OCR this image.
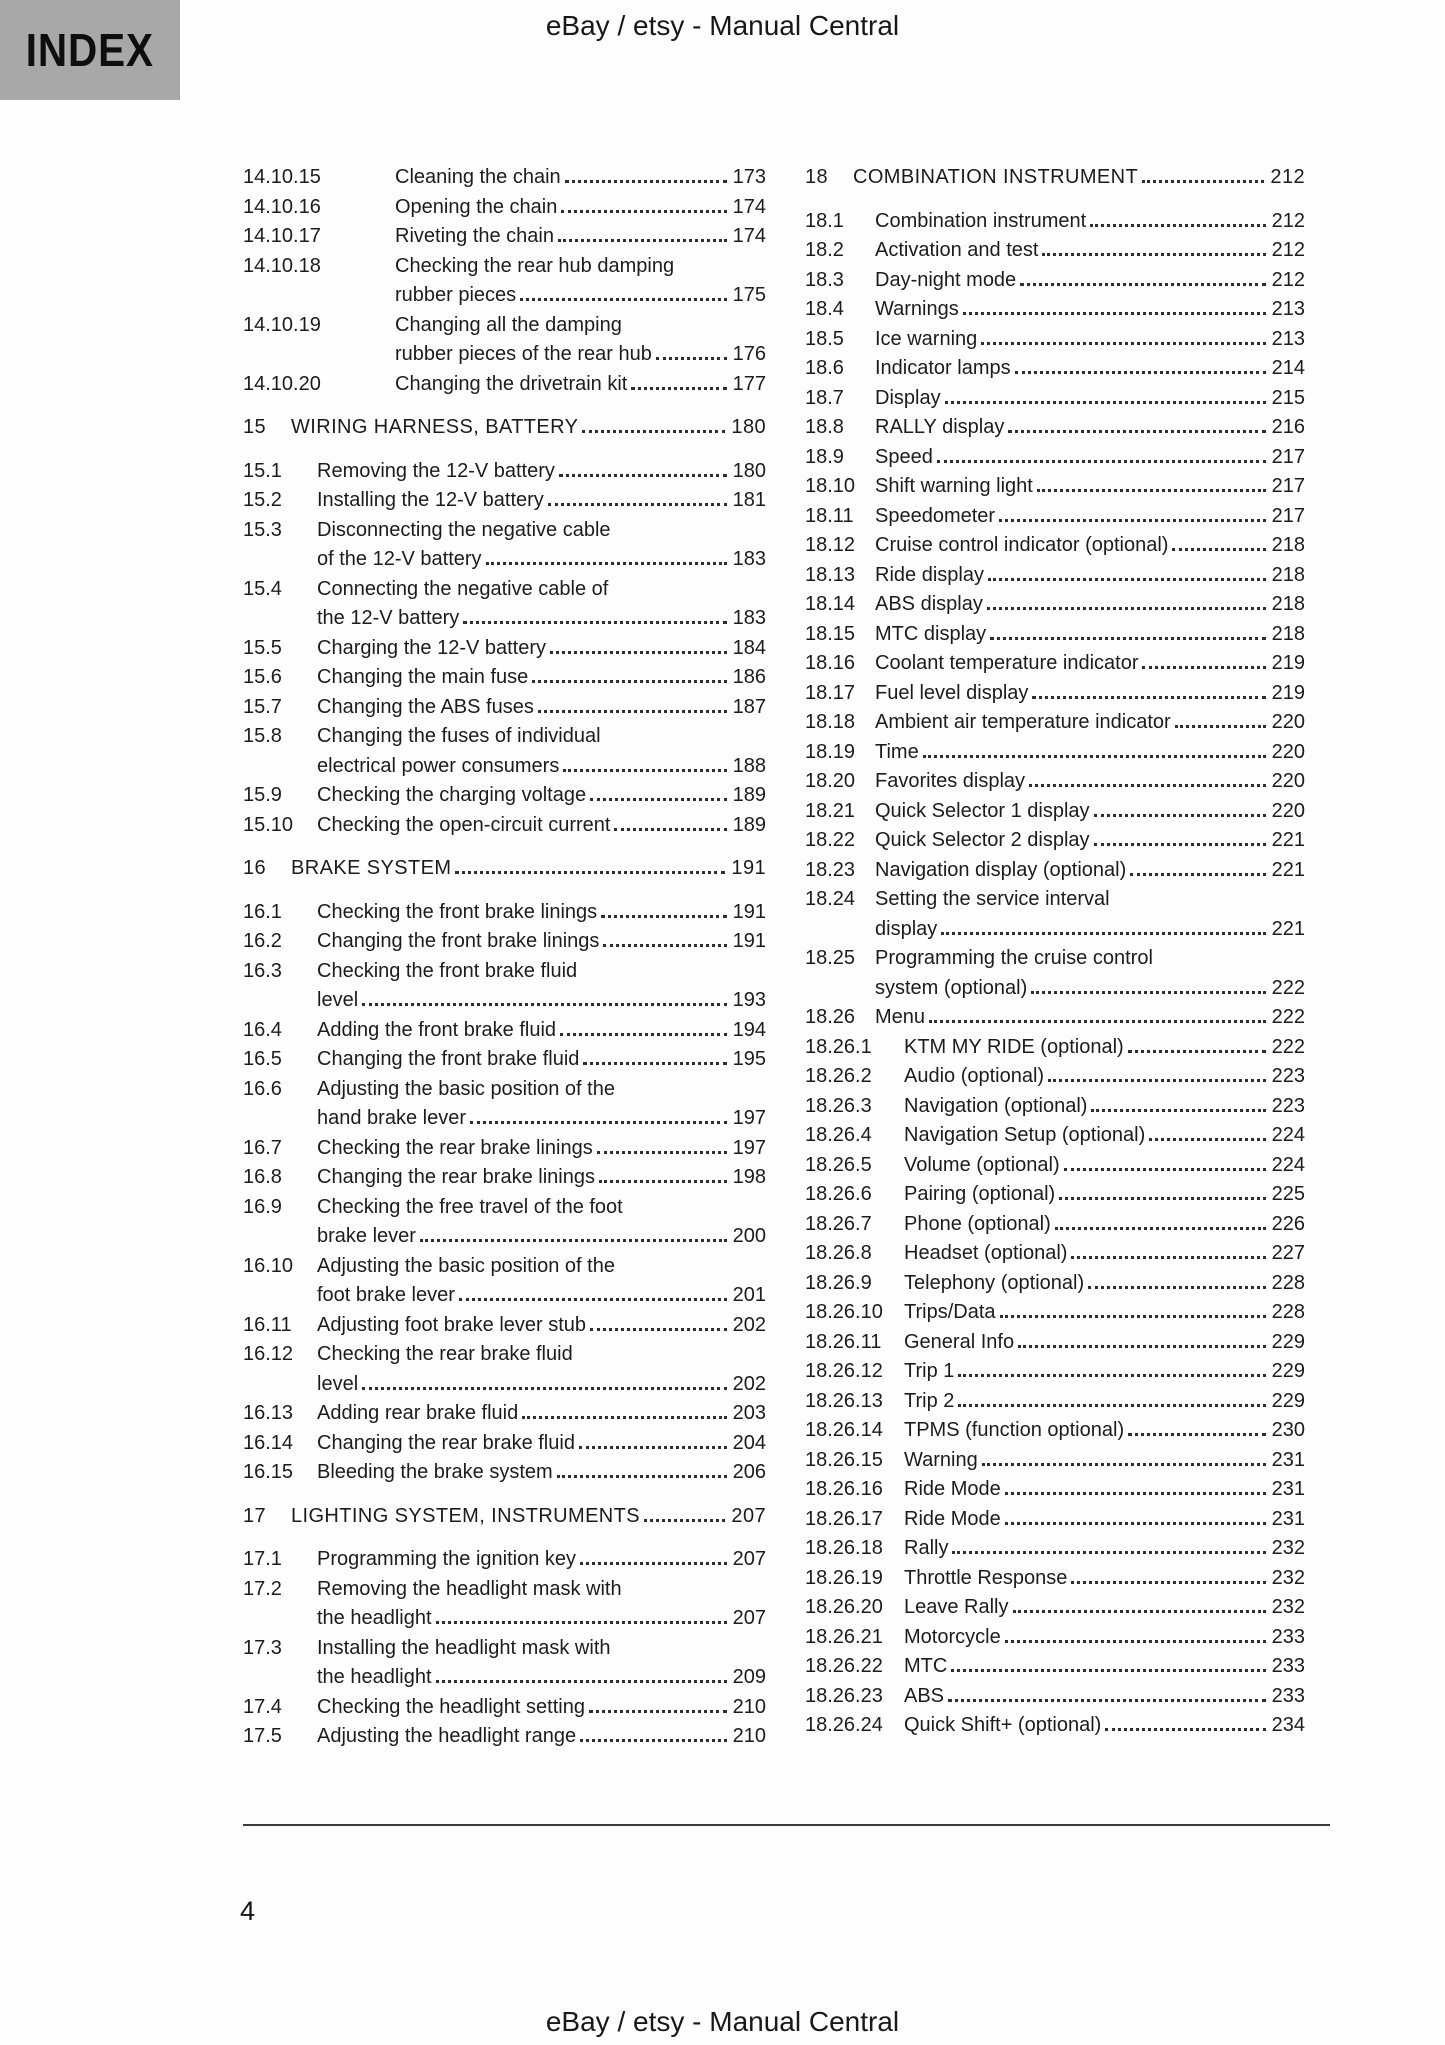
INDEX	eBay / etsy - Manual Central
14.10.15	Cleaning the chain	173
14.10.16	Opening the chain	174
14.10.17	Riveting the chain	174
14.10.18	Checking the rear hub damping
rubber pieces	175
14.10.19	Changing all the damping
rubber pieces of the rear hub	176
14.10.20	Changing the drivetrain kit	177
15	WIRING HARNESS, BATTERY	180
15.1	Removing the 12-V battery	180
15.2	Installing the 12-V battery	181
15.3	Disconnecting the negative cable
of the 12-V battery	183
15.4	Connecting the negative cable of
the 12-V battery	183
15.5	Charging the 12-V battery	184
15.6	Changing the main fuse	186
15.7	Changing the ABS fuses	187
15.8	Changing the fuses of individual
electrical power consumers	188
15.9	Checking the charging voltage	189
15.10	Checking the open-circuit current	189
16	BRAKE SYSTEM	191
16.1	Checking the front brake linings	191
16.2	Changing the front brake linings	191
16.3	Checking the front brake fluid
level	193
16.4	Adding the front brake fluid	194
16.5	Changing the front brake fluid	195
16.6	Adjusting the basic position of the
hand brake lever	197
16.7	Checking the rear brake linings	197
16.8	Changing the rear brake linings	198
16.9	Checking the free travel of the foot
brake lever	200
16.10	Adjusting the basic position of the
foot brake lever	201
16.11	Adjusting foot brake lever stub	202
16.12	Checking the rear brake fluid
level	202
16.13	Adding rear brake fluid	203
16.14	Changing the rear brake fluid	204
16.15	Bleeding the brake system	206
17	LIGHTING SYSTEM, INSTRUMENTS	207
17.1	Programming the ignition key	207
17.2	Removing the headlight mask with
the headlight	207
17.3	Installing the headlight mask with
the headlight	209
17.4	Checking the headlight setting	210
17.5	Adjusting the headlight range	210
18	COMBINATION INSTRUMENT	212
18.1	Combination instrument	212
18.2	Activation and test	212
18.3	Day-night mode	212
18.4	Warnings	213
18.5	Ice warning	213
18.6	Indicator lamps	214
18.7	Display	215
18.8	RALLY display	216
18.9	Speed	217
18.10 Shift warning light	217
18.11	Speedometer	217
18.12 Cruise control indicator (optional)	218
18.13 Ride display	218
18.14 ABS display	218
18.15 MTC display	218
18.16 Coolant temperature indicator	219
18.17 Fuel level display	219
18.18 Ambient air temperature indicator	220
18.19 Time	220
18.20 Favorites display	220
18.21 Quick Selector 1 display	220
18.22 Quick Selector 2 display	221
18.23 Navigation display (optional)	221
18.24 Setting the service interval
display	221
18.25 Programming the cruise control
system (optional)	222
18.26 Menu	222
18.26.1	KTM MY RIDE (optional)	222
18.26.2	Audio (optional)	223
18.26.3	Navigation (optional)	223
18.26.4	Navigation Setup (optional)	224
18.26.5	Volume (optional)	224
18.26.6	Pairing (optional)	225
18.26.7	Phone (optional)	226
18.26.8	Headset (optional)	227
18.26.9	Telephony (optional)	228
18.26.10	Trips/Data	228
18.26.11	General Info	229
18.26.12	Trip 1	229
18.26.13	Trip 2	229
18.26.14	TPMS (function optional)	230
18.26.15	Warning	231
18.26.16	Ride Mode	231
18.26.17	Ride Mode	231
18.26.18	Rally	232
18.26.19	Throttle Response	232
18.26.20	Leave Rally	232
18.26.21	Motorcycle	233
18.26.22	MTC	233
18.26.23	ABS	233
18.26.24	Quick Shift+ (optional)	234
4
eBay / etsy - Manual Central
